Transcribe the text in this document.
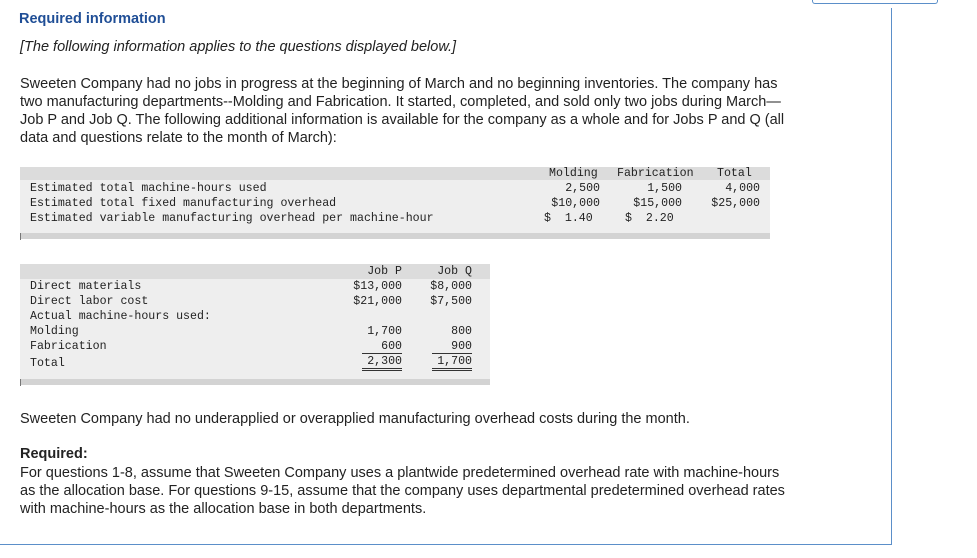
Required information
[The following information applies to the questions displayed below.]
Sweeten Company had no jobs in progress at the beginning of March and no beginning inventories. The company has
two manufacturing departments--Molding and Fabrication. It started, completed, and sold only two jobs during March—
Job P and Job Q. The following additional information is available for the company as a whole and for Jobs P and Q (all
data and questions relate to the month of March):
Molding Fabrication Total
Estimated total machine-hours used	2,500	1,500	4,000
Estimated total fixed manufacturing overhead	$10,000	$15,000	$25,000
Estimated variable manufacturing overhead per machine-hour	$  1.40	$  2.20
Job P	Job Q
Direct materials	$13,000	$8,000
Direct labor cost	$21,000	$7,500
Actual machine-hours used:
Molding	1,700	800
Fabrication	600	900
Total	2,300	1,700
Sweeten Company had no underapplied or overapplied manufacturing overhead costs during the month.
Required:
For questions 1-8, assume that Sweeten Company uses a plantwide predetermined overhead rate with machine-hours
as the allocation base. For questions 9-15, assume that the company uses departmental predetermined overhead rates
with machine-hours as the allocation base in both departments.
